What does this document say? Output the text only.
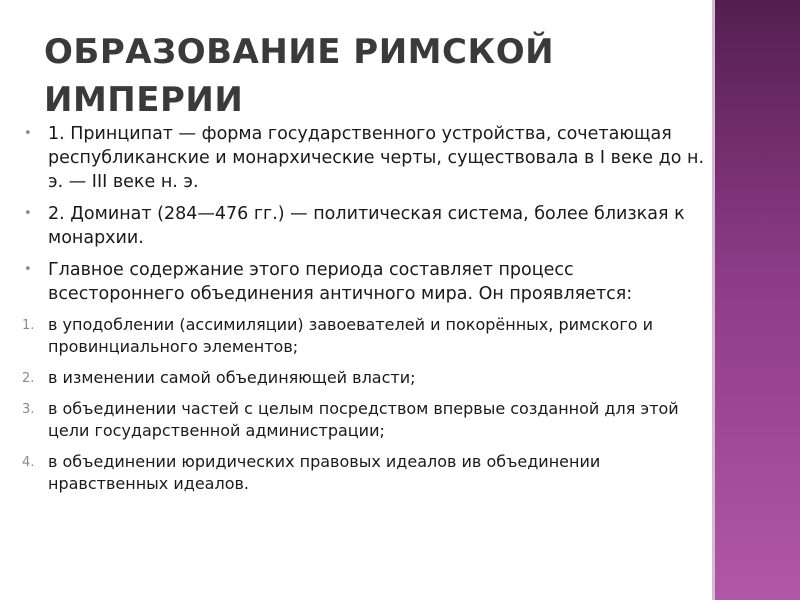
ОБРАЗОВАНИЕ РИМСКОЙ ИМПЕРИИ
• 1. Принципат — форма государственного устройства, сочетающая республиканские и монархические черты, существовала в I веке до н. э. — III веке н. э.
• 2. Доминат (284—476 гг.) — политическая система, более близкая к монархии.
• Главное содержание этого периода составляет процесс всестороннего объединения античного мира. Он проявляется:
1. в уподоблении (ассимиляции) завоевателей и покорённых, римского и провинциального элементов;
2. в изменении самой объединяющей власти;
3. в объединении частей с целым посредством впервые созданной для этой цели государственной администрации;
4. в объединении юридических правовых идеалов ив объединении нравственных идеалов.
